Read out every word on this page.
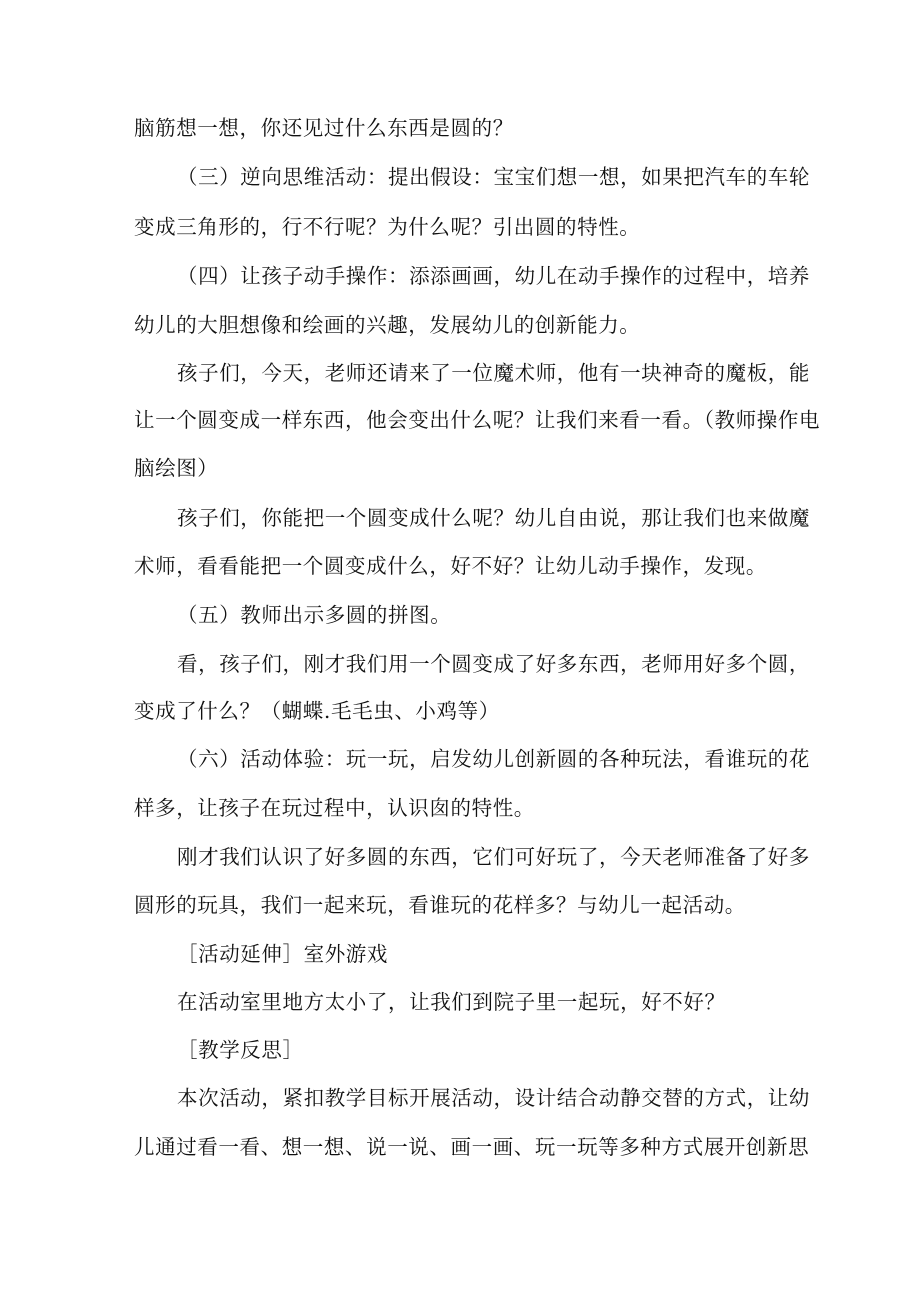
脑筋想一想，你还见过什么东西是圆的？
（三）逆向思维活动：提出假设：宝宝们想一想，如果把汽车的车轮
变成三角形的，行不行呢？为什么呢？引出圆的特性。
（四）让孩子动手操作：添添画画，幼儿在动手操作的过程中，培养
幼儿的大胆想像和绘画的兴趣，发展幼儿的创新能力。
孩子们，今天，老师还请来了一位魔术师，他有一块神奇的魔板，能
让一个圆变成一样东西，他会变出什么呢？让我们来看一看。（教师操作电
脑绘图）
孩子们，你能把一个圆变成什么呢？幼儿自由说，那让我们也来做魔
术师，看看能把一个圆变成什么，好不好？让幼儿动手操作，发现。
（五）教师出示多圆的拼图。
看，孩子们，刚才我们用一个圆变成了好多东西，老师用好多个圆，
变成了什么？（蝴蝶.毛毛虫、小鸡等）
（六）活动体验：玩一玩，启发幼儿创新圆的各种玩法，看谁玩的花
样多，让孩子在玩过程中，认识囱的特性。
刚才我们认识了好多圆的东西，它们可好玩了，今天老师准备了好多
圆形的玩具，我们一起来玩，看谁玩的花样多？与幼儿一起活动。
［活动延伸］室外游戏
在活动室里地方太小了，让我们到院子里一起玩，好不好？
［教学反思］
本次活动，紧扣教学目标开展活动，设计结合动静交替的方式，让幼
儿通过看一看、想一想、说一说、画一画、玩一玩等多种方式展开创新思
